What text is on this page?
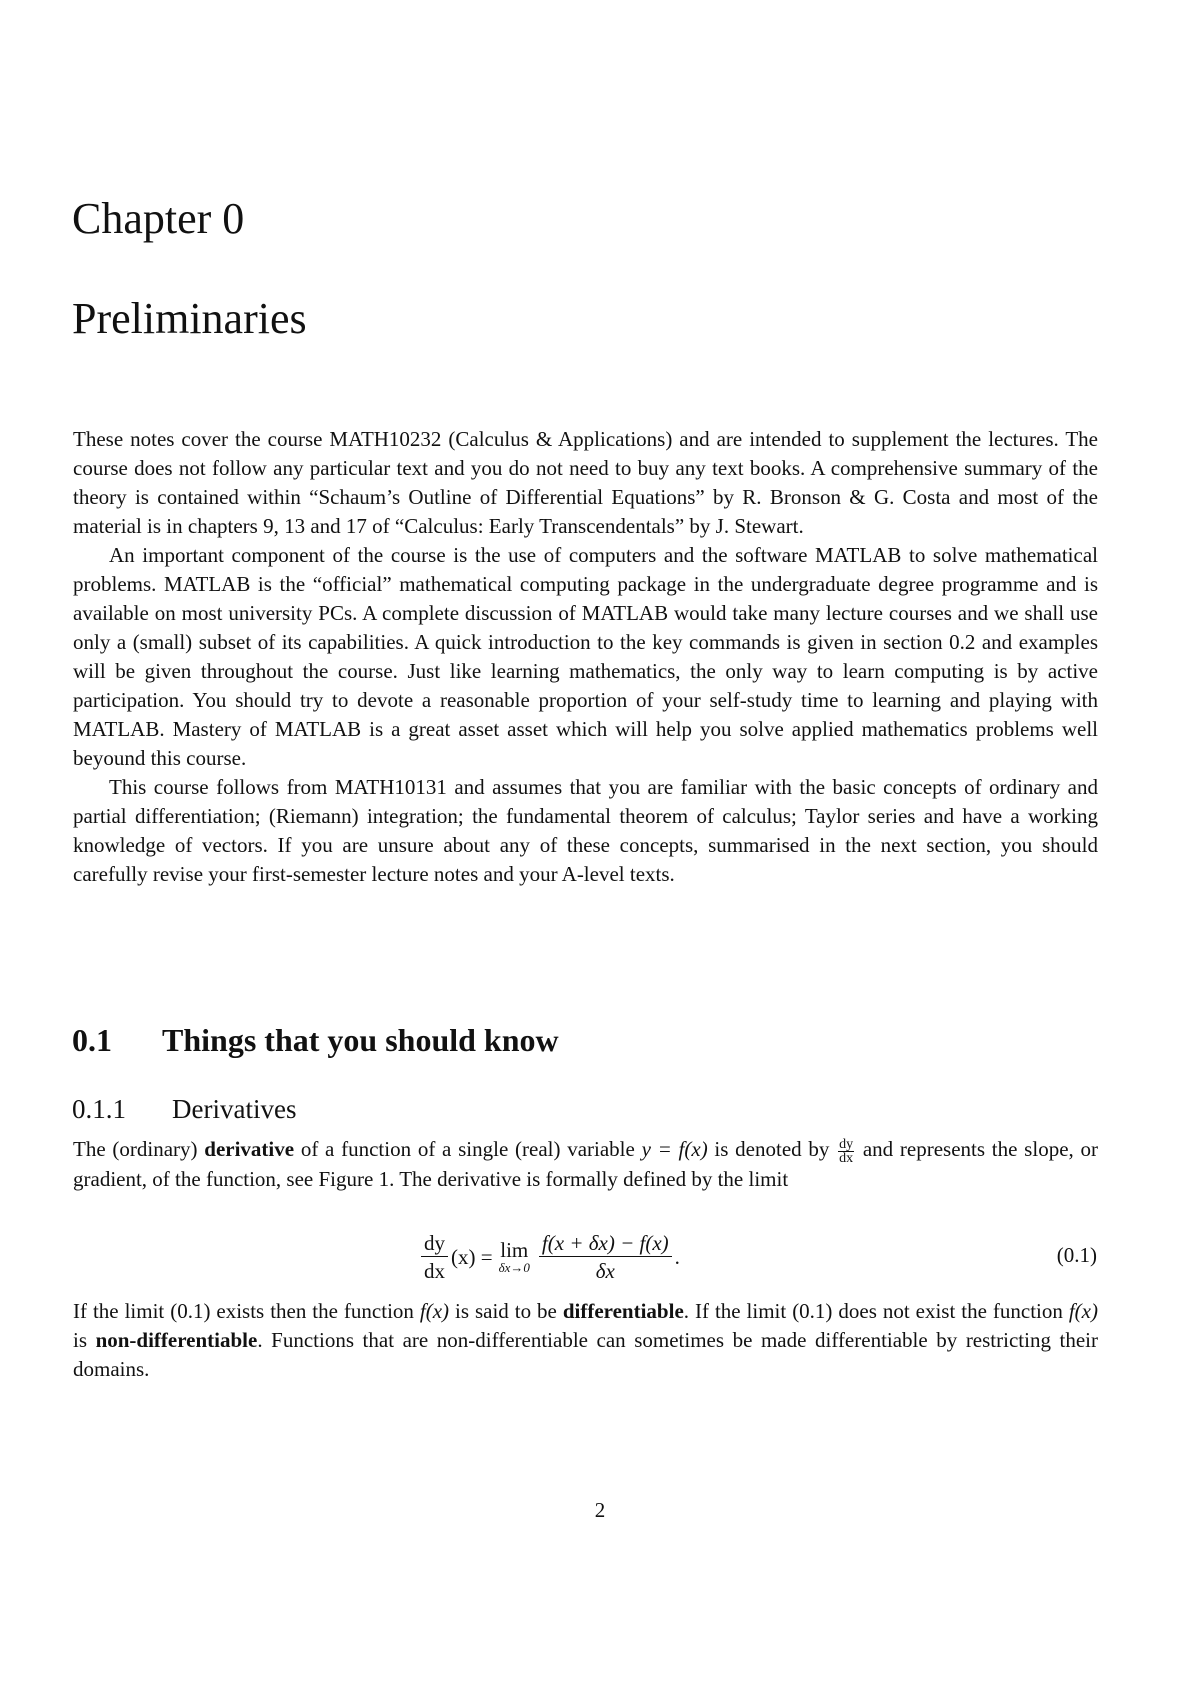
Chapter 0
Preliminaries

These notes cover the course MATH10232 (Calculus & Applications) and are intended to supplement the lectures. The course does not follow any particular text and you do not need to buy any text books. A comprehensive summary of the theory is contained within “Schaum’s Outline of Differential Equations” by R. Bronson & G. Costa and most of the material is in chapters 9, 13 and 17 of “Calculus: Early Transcendentals” by J. Stewart.

An important component of the course is the use of computers and the software MATLAB to solve mathematical problems. MATLAB is the “official” mathematical computing package in the undergraduate degree programme and is available on most university PCs. A complete discussion of MATLAB would take many lecture courses and we shall use only a (small) subset of its capabilities. A quick introduction to the key commands is given in section 0.2 and examples will be given throughout the course. Just like learning mathematics, the only way to learn computing is by active participation. You should try to devote a reasonable proportion of your self-study time to learning and playing with MATLAB. Mastery of MATLAB is a great asset asset which will help you solve applied mathematics problems well beyound this course.

This course follows from MATH10131 and assumes that you are familiar with the basic concepts of ordinary and partial differentiation; (Riemann) integration; the fundamental theorem of calculus; Taylor series and have a working knowledge of vectors. If you are unsure about any of these concepts, summarised in the next section, you should carefully revise your first-semester lecture notes and your A-level texts.

0.1 Things that you should know
0.1.1 Derivatives

The (ordinary) derivative of a function of a single (real) variable y = f(x) is denoted by $\frac{dy}{dx}$ and represents the slope, or gradient, of the function, see Figure 1. The derivative is formally defined by the limit

$\frac{dy}{dx} (x) = \lim$
$\delta x\to 0 \frac{f(x + \delta x) - f(x)}{\delta x}$ .	(0.1)

If the limit (0.1) exists then the function f(x) is said to be differentiable. If the limit (0.1) does not exist the function f(x) is non-differentiable. Functions that are non-differentiable can sometimes be made differentiable by restricting their domains.

2
